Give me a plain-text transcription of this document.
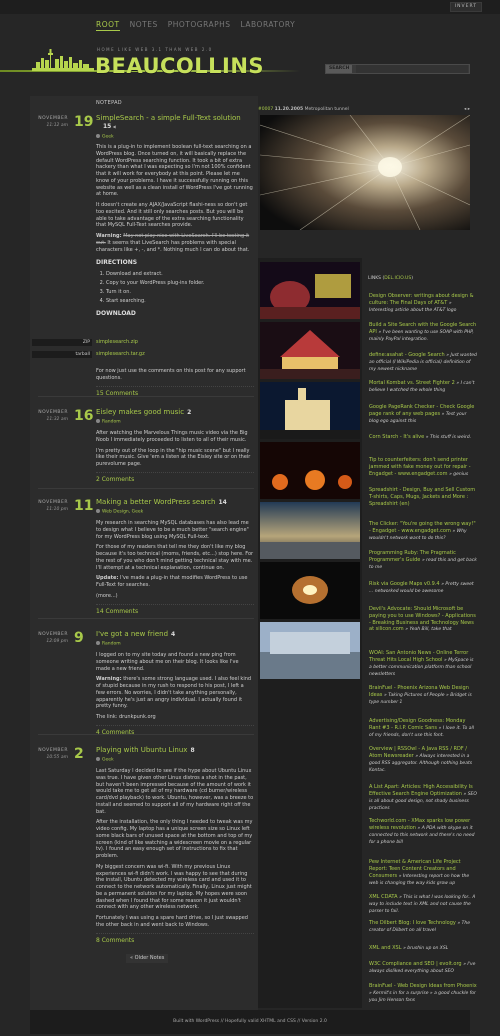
INVERT
ROOT NOTES PHOTOGRAPHS LABORATORY
HOME LIKE WEB 3.1 THAN WEB 2.0
BEAUCOLLINS	SEARCH
NOTEPAD
NOVEMBER
11:12 am 19 SimpleSearch - a simple Full-Text solution
15 ◀︎
Geek

This is a plug-in to implement boolean full-text searching on a WordPress blog. Once turned on, it will basically replace the default WordPress searching function. It took a bit of extra hackery than what I was expecting so I'm not 100% confident that it will work for everybody at this point. Please let me know of your problems. I have it successfully running on this website as well as a clean install of WordPress I've got running at home.

It doesn't create any AJAX/JavaScript flashi-ness so don't get too excited. And it still only searches posts. But you will be able to take advantage of the extra searching functionality that MySQL Full-Text searches provide.

Warning: May not play nice with LiveSearch. I'll be testing it out. It seems that LiveSearch has problems with special characters like +, -, and *. Nothing much I can do about that.

DIRECTIONS
1. Download and extract.
2. Copy to your WordPress plug-ins folder.
3. Turn it on.
4. Start searching.
DOWNLOAD
ZIP	simplesearch.zip
tarball	simplesearch.tar.gz

For now just use the comments on this post for any support questions.

15 Comments
NOVEMBER
11:32 am 16 Eisley makes good music 2
Random

After watching the Marvelous Things music video via the Big Noob I immediately proceeded to listen to all of their music.

I'm pretty out of the loop in the "hip music scene" but I really like their music. Give 'em a listen at the Eisley site or on their purevolume page.

2 Comments
NOVEMBER
11:10 pm 11 Making a better WordPress search 14
Web Design, Geek

My research in searching MySQL databases has also lead me to design what I believe to be a much better "search engine" for my WordPress blog using MySQL Full-text.

For those of my readers that tell me they don't like my blog because it's too technical (moms, friends, etc...) stop here. For the rest of you who don't mind getting technical stay with me. I'll attempt at a technical explanation, continue on.

Update: I've made a plug-in that modifies WordPress to use Full-Text for searches.

(more...)

14 Comments
NOVEMBER
12:09 pm 9 I've got a new friend 4
Random

I logged on to my site today and found a new ping from someone writing about me on their blog. It looks like I've made a new friend.

Warning: there's some strong language used. I also feel kind of stupid because in my rush to respond to his post, I left a few errors. No worries, I didn't take anything personally, apparently he's just an angry individual. I actually found it pretty funny.

The link: drunkpunk.org

4 Comments
NOVEMBER
10:55 am 2 Playing with Ubuntu Linux 8
Geek

Last Saturday I decided to see if the hype about Ubuntu Linux was true. I have given other Linux distros a shot in the past, but haven't been impressed because of the amount of work it would take me to get all of my hardware (cd burner/wireless card/dvd playback) to work. Ubuntu, however, was a breeze to install and seemed to support all of my hardware right off the bat.

After the installation, the only thing I needed to tweak was my video config. My laptop has a unique screen size so Linux left some black bars of unused space at the bottom and top of my screen (kind of like watching a widescreen movie on a regular tv). I found an easy enough set of instructions to fix that problem.

My biggest concern was wi-fi. With my previous Linux experiences wi-fi didn't work. I was happy to see that during the install, Ubuntu detected my wireless card and used it to connect to the network automatically. Finally, Linux just might be a permanent solution for my laptop. My hopes were soon dashed when I found that for some reason it just wouldn't connect with any other wireless network.

Fortunately I was using a spare hard drive, so I just swapped the other back in and went back to Windows.

8 Comments
« Older Notes
#0007 11.20.2005 Metropolitan tunnel	◂ ▸
LINKS (DEL.ICIO.US)
Design Observer: writings about design & culture: The Final Days of AT&T » Interesting article about the AT&T logo
Build a Site Search with the Google Search API » I've been wanting to use SOAP with PHP, mainly PayPal integration.
define:asahat - Google Search » Just wanted an official (I WikiPedia is official) definition of my newest nickname
Mortal Kombat vs. Street Fighter 2 » I can't believe I watched the whole thing
Google PageRank Checker - Check Google page rank of any web pages » Test your blog ego against this
Corn Starch - It's alive » This stuff is weird.
Tip to counterfeiters: don't send printer jammed with fake money out for repair - Engadget - www.engadget.com » genius
Spreadshirt - Design, Buy and Sell Custom T-shirts, Caps, Mugs, Jackets and More : Spreadshirt (en)
The Clicker: "You're going the wrong way!" - Engadget - www.engadget.com » Why wouldn't network want to do this?
Programming Ruby: The Pragmatic Programmer's Guide » read this and get back to me
Risk via Google Maps v0.9.4 » Pretty sweet ... networked would be awesome
Devil's Advocate: Should Microsoft be paying you to use Windows? - Applications - Breaking Business and Technology News at silicon.com » Yeah Bill, take that
WOAI: San Antonio News - Online Terror Threat Hits Local High School » MySpace is a better communication platform than school newsletters
BrainFuel - Phoenix Arizona Web Design Ideas » Taking Pictures of People » Bridget is type number 1
Advertising/Design Goodness: Monday Rant #3 - R.I.P. Comic Sans » I love it. To all of my friends, don't use this font.
Overview | RSSOwl - A Java RSS / RDF / Atom Newsreader » Always interested in a good RSS aggregator. Although nothing beats Kontac.
A List Apart: Articles: High Accessibility Is Effective Search Engine Optimization » SEO is all about good design, not shady business practices
Techworld.com - XMax sparks low power wireless revolution » A PDA with skype on it connected to this network and there's no need for a phone bill
Pew Internet & American Life Project Report: Teen Content Creators and Consumers » Interesting report on how the web is changing the way kids grow up
XML CDATA » This is what I was looking for.. A way to include text in XML and not cause the parser to fail.
The Dilbert Blog: I love Technology » The creator of Dilbert on all travel
XML and XSL » brushin up on XSL
W3C Compliance and SEO | evolt.org » I've always disliked everything about SEO
BrainFuel - Web Design Ideas from Phoenix » Kermit's in for a surprise » a good chuckle for you Jim Henson fans
Built with WordPress // Hopefully valid XHTML and CSS // Version 2.0
